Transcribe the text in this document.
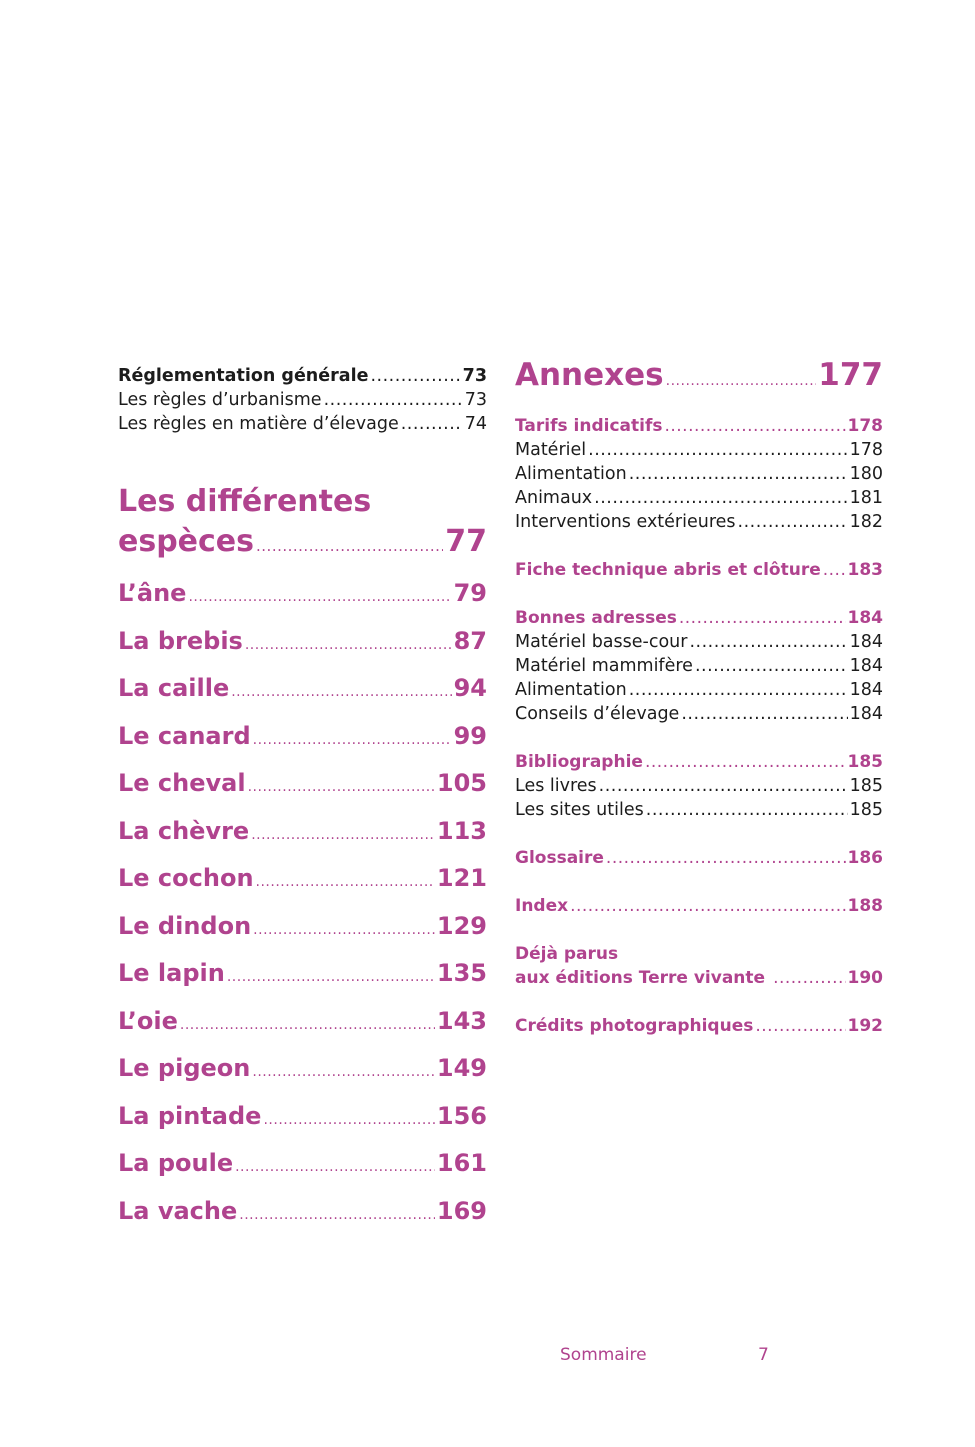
Réglementation générale .....	73
Les règles d’urbanisme .....	73
Les règles en matière d’élevage .....	74
Les différentes
espèces .....	77
L’âne .....	79
La brebis .....	87
La caille .....	94
Le canard .....	99
Le cheval .....	105
La chèvre .....	113
Le cochon .....	121
Le dindon .....	129
Le lapin .....	135
L’oie .....	143
Le pigeon .....	149
La pintade .....	156
La poule .....	161
La vache .....	169
Annexes .....	177
Tarifs indicatifs .....	178
Matériel .....	178
Alimentation .....	180
Animaux .....	181
Interventions extérieures .....	182
Fiche technique abris et clôture ..... 183
Bonnes adresses .....	184
Matériel basse-cour .....	184
Matériel mammifère .....	184
Alimentation .....	184
Conseils d’élevage .....	184
Bibliographie .....	185
Les livres .....	185
Les sites utiles .....	185
Glossaire .....	186
Index .....	188
Déjà parus
aux éditions Terre vivante .....	190
Crédits photographiques .....	192
Sommaire	7
